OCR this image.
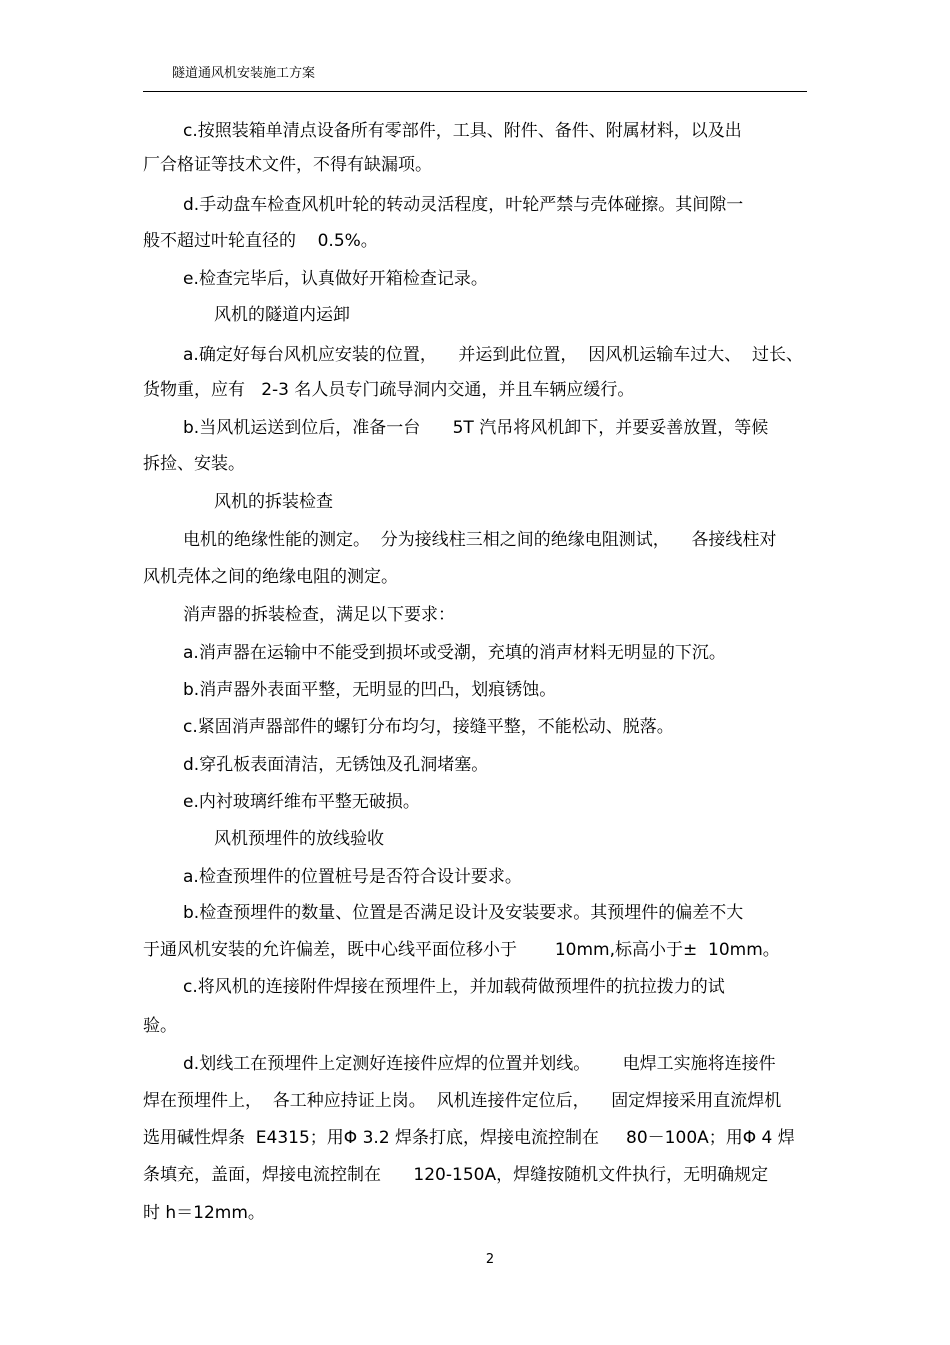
隧道通风机安装施工方案
c.按照装箱单清点设备所有零部件，工具、附件、备件、附属材料，以及出
厂合格证等技术文件，不得有缺漏项。
d.手动盘车检查风机叶轮的转动灵活程度，叶轮严禁与壳体碰擦。其间隙一
般不超过叶轮直径的    0.5%。
e.检查完毕后，认真做好开箱检查记录。
风机的隧道内运卸
a.确定好每台风机应安装的位置，    并运到此位置，  因风机运输车过大、  过长、
货物重，应有   2-3 名人员专门疏导洞内交通，并且车辆应缓行。
b.当风机运送到位后，准备一台      5T 汽吊将风机卸下，并要妥善放置，等候
拆捡、安装。
风机的拆装检查
电机的绝缘性能的测定。  分为接线柱三相之间的绝缘电阻测试，    各接线柱对
风机壳体之间的绝缘电阻的测定。
消声器的拆装检查，满足以下要求：
a.消声器在运输中不能受到损坏或受潮，充填的消声材料无明显的下沉。
b.消声器外表面平整，无明显的凹凸，划痕锈蚀。
c.紧固消声器部件的螺钉分布均匀，接缝平整，不能松动、脱落。
d.穿孔板表面清洁，无锈蚀及孔洞堵塞。
e.内衬玻璃纤维布平整无破损。
风机预埋件的放线验收
a.检查预埋件的位置桩号是否符合设计要求。
b.检查预埋件的数量、位置是否满足设计及安装要求。其预埋件的偏差不大
于通风机安装的允许偏差，既中心线平面位移小于       10mm,标高小于±  10mm。
c.将风机的连接附件焊接在预埋件上，并加载荷做预埋件的抗拉拨力的试
验。
d.划线工在预埋件上定测好连接件应焊的位置并划线。      电焊工实施将连接件
焊在预埋件上，  各工种应持证上岗。  风机连接件定位后，    固定焊接采用直流焊机
选用碱性焊条  E4315；用Φ 3.2 焊条打底，焊接电流控制在     80－100A；用Φ 4 焊
条填充，盖面，焊接电流控制在      120-150A，焊缝按随机文件执行，无明确规定
时 h＝12mm。
2
